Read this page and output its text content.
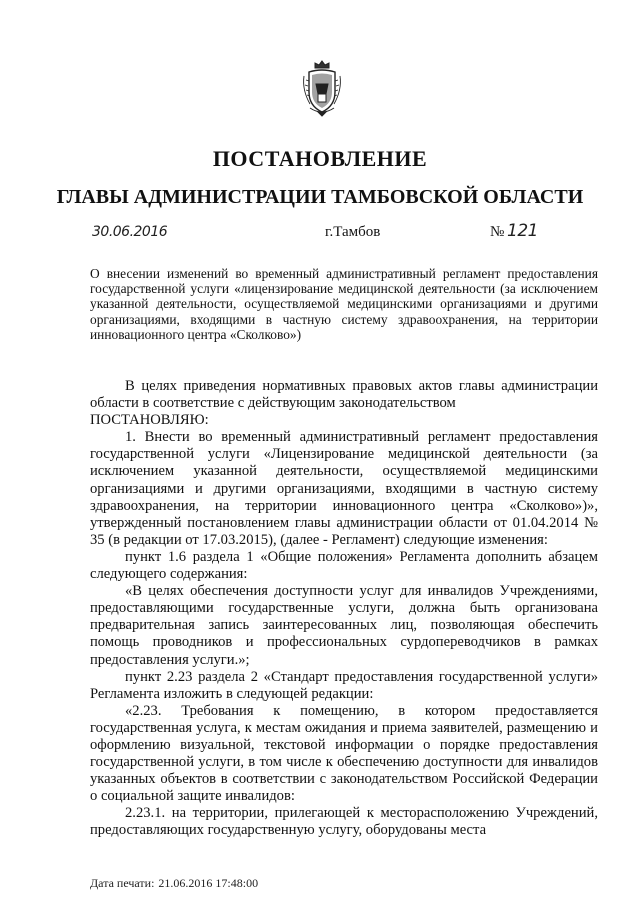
ПОСТАНОВЛЕНИЕ
ГЛАВЫ АДМИНИСТРАЦИИ ТАМБОВСКОЙ ОБЛАСТИ
30.06.2016	г.Тамбов	№ 121

О внесении изменений во временный административный регламент предоставления государственной услуги «лицензирование медицинской деятельности (за исключением указанной деятельности, осуществляемой медицинскими организациями и другими организациями, входящими в частную систему здравоохранения, на территории инновационного центра «Сколково»)

В целях приведения нормативных правовых актов главы администрации области в соответствие с действующим законодательством

ПОСТАНОВЛЯЮ:

1. Внести во временный административный регламент предоставления государственной услуги «Лицензирование медицинской деятельности (за исключением указанной деятельности, осуществляемой медицинскими организациями и другими организациями, входящими в частную систему здравоохранения, на территории инновационного центра «Сколково»)», утвержденный постановлением главы администрации области от 01.04.2014 № 35 (в редакции от 17.03.2015), (далее - Регламент) следующие изменения:

пункт 1.6 раздела 1 «Общие положения» Регламента дополнить абзацем следующего содержания:

«В целях обеспечения доступности услуг для инвалидов Учреждениями, предоставляющими государственные услуги, должна быть организована предварительная запись заинтересованных лиц, позволяющая обеспечить помощь проводников и профессиональных сурдопереводчиков в рамках предоставления услуги.»;

пункт 2.23 раздела 2 «Стандарт предоставления государственной услуги» Регламента изложить в следующей редакции:

«2.23. Требования к помещению, в котором предоставляется государственная услуга, к местам ожидания и приема заявителей, размещению и оформлению визуальной, текстовой информации о порядке предоставления государственной услуги, в том числе к обеспечению доступности для инвалидов указанных объектов в соответствии с законодательством Российской Федерации о социальной защите инвалидов:

2.23.1. на территории, прилегающей к месторасположению Учреждений, предоставляющих государственную услугу, оборудованы места

Дата печати: 21.06.2016 17:48:00
